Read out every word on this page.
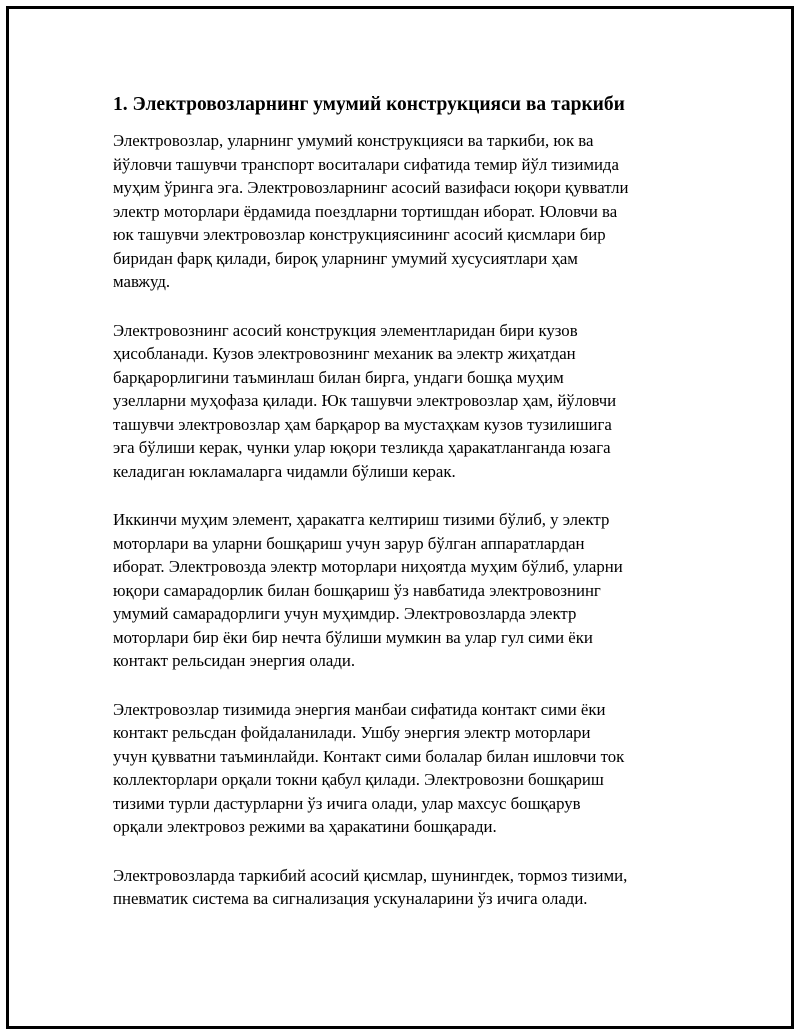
1. Электровозларнинг умумий конструкцияси ва таркиби

Электровозлар, уларнинг умумий конструкцияси ва таркиби, юк ва
йўловчи ташувчи транспорт воситалари сифатида темир йўл тизимида
муҳим ўринга эга. Электровозларнинг асосий вазифаси юқори қувватли
электр моторлари ёрдамида поездларни тортишдан иборат. Юловчи ва
юк ташувчи электровозлар конструкциясининг асосий қисмлари бир
биридан фарқ қилади, бироқ уларнинг умумий хусусиятлари ҳам
мавжуд.

Электровознинг асосий конструкция элементларидан бири кузов
ҳисобланади. Кузов электровознинг механик ва электр жиҳатдан
барқарорлигини таъминлаш билан бирга, ундаги бошқа муҳим
узелларни муҳофаза қилади. Юк ташувчи электровозлар ҳам, йўловчи
ташувчи электровозлар ҳам барқарор ва мустаҳкам кузов тузилишига
эга бўлиши керак, чунки улар юқори тезликда ҳаракатланганда юзага
келадиган юкламаларга чидамли бўлиши керак.

Иккинчи муҳим элемент, ҳаракатга келтириш тизими бўлиб, у электр
моторлари ва уларни бошқариш учун зарур бўлган аппаратлардан
иборат. Электровозда электр моторлари ниҳоятда муҳим бўлиб, уларни
юқори самарадорлик билан бошқариш ўз навбатида электровознинг
умумий самарадорлиги учун муҳимдир. Электровозларда электр
моторлари бир ёки бир нечта бўлиши мумкин ва улар гул сими ёки
контакт рельсидан энергия олади.

Электровозлар тизимида энергия манбаи сифатида контакт сими ёки
контакт рельсдан фойдаланилади. Ушбу энергия электр моторлари
учун қувватни таъминлайди. Контакт сими болалар билан ишловчи ток
коллекторлари орқали токни қабул қилади. Электровозни бошқариш
тизими турли дастурларни ўз ичига олади, улар махсус бошқарув
орқали электровоз режими ва ҳаракатини бошқаради.

Электровозларда таркибий асосий қисмлар, шунингдек, тормоз тизими,
пневматик система ва сигнализация ускуналарини ўз ичига олади.
